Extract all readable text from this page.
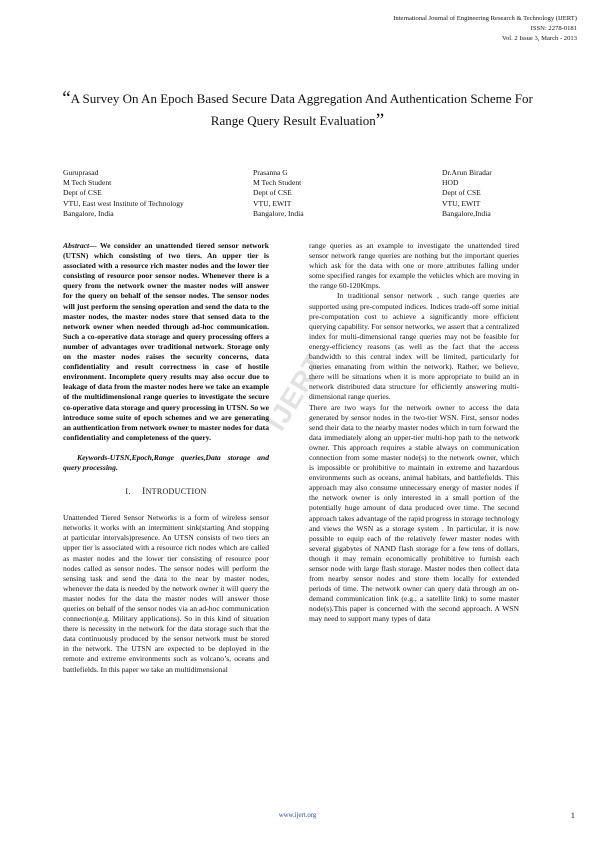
International Journal of Engineering Research & Technology (IJERT)
ISSN: 2278-0181
Vol. 2 Issue 3, March - 2013
“A Survey On An Epoch Based Secure Data Aggregation And Authentication Scheme For
Range Query Result Evaluation”
Guruprasad
M Tech Student
Dept of CSE
VTU, East west Institute of Technology
Bangalore, India
Prasanna G
M Tech Student
Dept of CSE
VTU, EWIT
Bangalore, India
Dr.Arun Biradar
HOD
Dept of CSE
VTU, EWIT
Bangalore,India
IJERT

Abstract— We consider an unattended tiered sensor network (UTSN) which consisting of two tiers. An upper tier is associated with a resource rich master nodes and the lower tier consisting of resource poor sensor nodes. Whenever there is a query from the network owner the master nodes will answer for the query on behalf of the sensor nodes. The sensor nodes will just perform the sensing operation and send the data to the master nodes, the master nodes store that sensed data to the network owner when needed through ad-hoc communication. Such a co-operative data storage and query processing offers a number of advantages over traditional network. Storage only on the master nodes raises the security concerns, data confidentiality and result correctness in case of hostile environment. Incomplete query results may also occur due to leakage of data from the master nodes here we take an example of the multidimensional range queries to investigate the secure co-operative data storage and query processing in UTSN. So we introduce some suite of epoch schemes and we are generating an authentication from network owner to master nodes for data confidentiality and completeness of the query.

Keywords-UTSN,Epoch,Range queries,Data storage and query processing.

I. INTRODUCTION

Unattended Tiered Sensor Networks is a form of wireless sensor networks it works with an intermittent sink(starting And stopping at particular intervals)presence. An UTSN consists of two tiers an upper tier is associated with a resource rich nodes which are called as master nodes and the lower tier consisting of resource poor nodes called as sensor nodes. The sensor nodes will perform the sensing task and send the data to the near by master nodes, whenever the data is needed by the network owner it will query the master nodes for the data the master nodes will answer those queries on behalf of the sensor nodes via an ad-hoc communication connection(e.g. Military applications). So in this kind of situation there is necessity in the network for the data storage such that the data continuously produced by the sensor network must be stored in the network. The UTSN are expected to be deployed in the remote and extreme environments such as volcano’s, oceans and battlefields. In this paper we take an multidimensional

range queries as an example to investigate the unattended tired sensor network range queries are nothing but the important queries which ask for the data with one or more attributes falling under some specified ranges for example the vehicles which are moving in the range 60-120Kmps.

In traditional sensor network , such range queries are supported using pre-computed indices. Indices trade-off some initial pre-computation cost to achieve a significantly more efficient querying capability. For sensor networks, we assert that a centralized index for multi-dimensional range queries may not be feasible for energy-efficiency reasons (as well as the fact that the access bandwidth to this central index will be limited, particularly for queries emanating from within the network). Rather, we believe, there will be situations when it is more appropriate to build an in network distributed data structure for efficiently answering multi-dimensional range queries.

There are two ways for the network owner to access the data generated by sensor nodes in the two-tier WSN. First, sensor nodes send their data to the nearby master nodes which in turn forward the data immediately along an upper-tier multi-hop path to the network owner. This approach requires a stable always on communication connection from some master node(s) to the network owner, which is impossible or prohibitive to maintain in extreme and hazardous environments such as oceans, animal habitats, and battlefields. This approach may also consume unnecessary energy of master nodes if the network owner is only interested in a small portion of the potentially huge amount of data produced over time. The second approach takes advantage of the rapid progress in storage technology and views the WSN as a storage system . In particular, it is now possible to equip each of the relatively fewer master nodes with several gigabytes of NAND flash storage for a few tens of dollars, though it may remain economically prohibitive to furnish each sensor node with large flash storage. Master nodes then collect data from nearby sensor nodes and store them locally for extended periods of time. The network owner can query data through an on-demand communication link (e.g., a satellite link) to some master node(s).This paper is concerned with the second approach. A WSN may need to support many types of data

www.ijert.org	1
